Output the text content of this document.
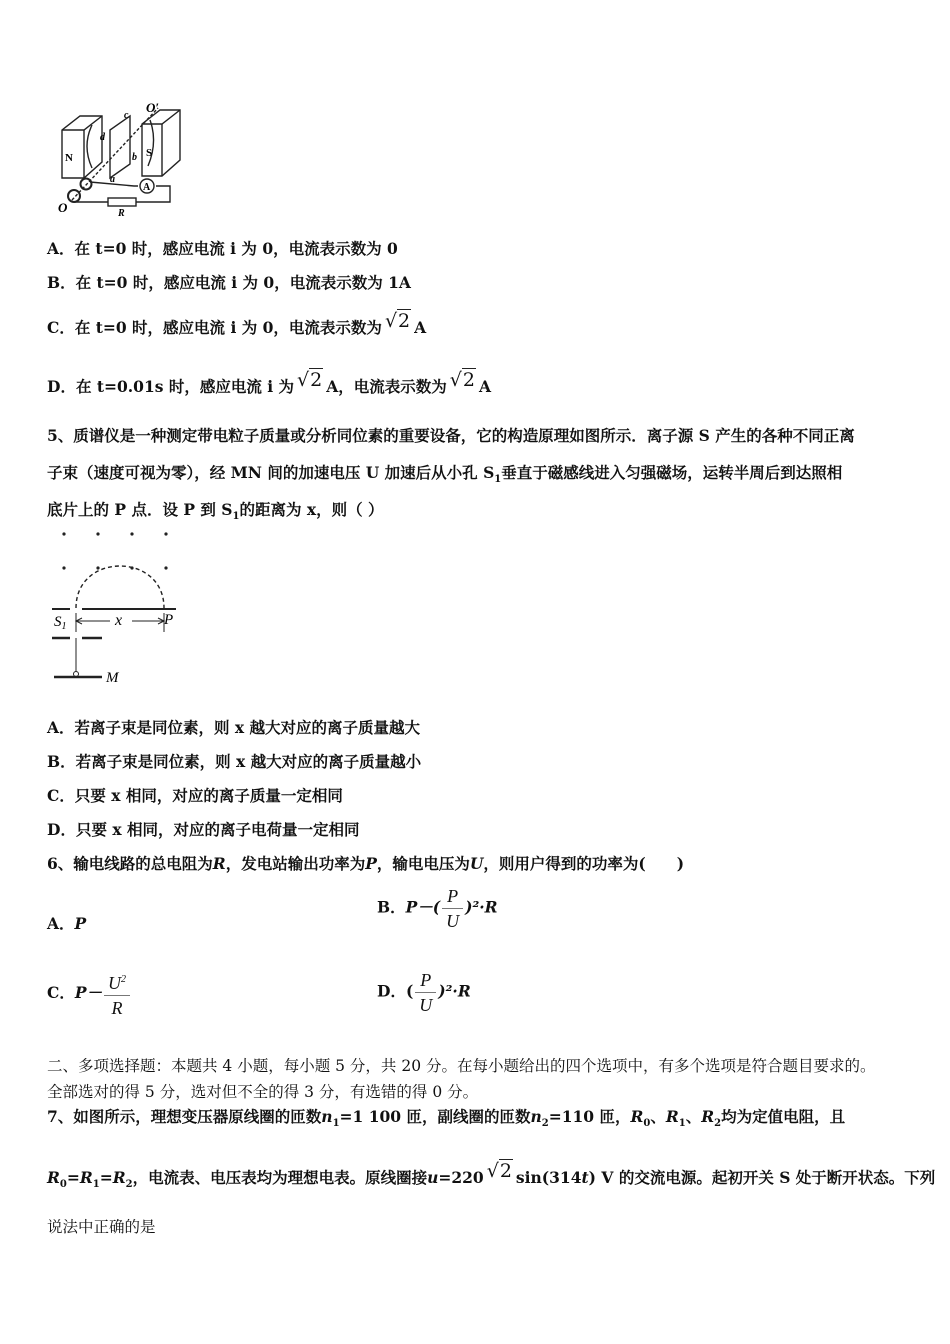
O′
O
N	S
c
d
b
a
A
R
A．在 t=0 时，感应电流 i 为 0，电流表示数为 0
B．在 t=0 时，感应电流 i 为 0，电流表示数为 1A
C．在 t=0 时，感应电流 i 为 0，电流表示数为 √2 A
D．在 t=0.01s 时，感应电流 i 为 √2 A，电流表示数为 √2 A
5、质谱仪是一种测定带电粒子质量或分析同位素的重要设备，它的构造原理如图所示．离子源 S 产生的各种不同正离
子束（速度可视为零），经 MN 间的加速电压 U 加速后从小孔 $S_1$垂直于磁感线进入匀强磁场，运转半周后到达照相
底片上的 P 点．设 P 到 $S_1$的距离为 x，则（ ）
$S_1$	x	P
M
A．若离子束是同位素，则 x 越大对应的离子质量越大
B．若离子束是同位素，则 x 越大对应的离子质量越小
C．只要 x 相同，对应的离子质量一定相同
D．只要 x 相同，对应的离子电荷量一定相同
6、输电线路的总电阻为R，发电站输出功率为P，输电电压为U，则用户得到的功率为(　　)
A．P
B．$P-( \frac{P}{U} )^2\cdot R$
C．$P- \frac{U^2}{R}$	D．( $\frac{P}{U} )^2\cdot R$
二、多项选择题：本题共 4 小题，每小题 5 分，共 20 分。在每小题给出的四个选项中，有多个选项是符合题目要求的。
全部选对的得 5 分，选对但不全的得 3 分，有选错的得 0 分。
7、如图所示，理想变压器原线圈的匝数$n_1=1$ 100 匝，副线圈的匝数$n_2=110$ 匝，$R_0$、$R_1$、$R_2$均为定值电阻，且
$R_0=R_1=R_2$，电流表、电压表均为理想电表。原线圈接u=220 √2 sin(314t) V 的交流电源。起初开关 S 处于断开状态。下列
说法中正确的是
